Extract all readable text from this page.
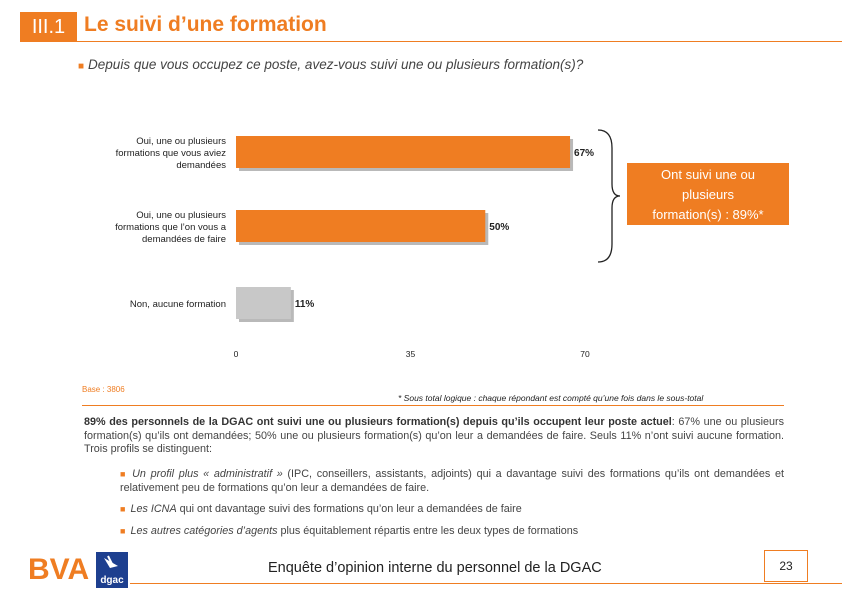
III.1 Le suivi d’une formation
■ Depuis que vous occupez ce poste, avez-vous suivi une ou plusieurs formation(s)?
67%
Oui, une ou plusieurs
formations que vous aviez
demandées
50%
Oui, une ou plusieurs
formations que l’on vous a
demandées de faire
11%
Non, aucune formation
0	35	70
Ont suivi une ou
plusieurs
formation(s) : 89%*
Base : 3806
* Sous total logique : chaque répondant est compté qu’une fois dans le sous-total
89% des personnels de la DGAC ont suivi une ou plusieurs formation(s) depuis qu’ils occupent leur poste actuel: 67% une ou plusieurs formation(s) qu’ils ont demandées; 50% une ou plusieurs formation(s) qu’on leur a demandées de faire. Seuls 11% n’ont suivi aucune formation. Trois profils se distinguent:
■ Un profil plus « administratif » (IPC, conseillers, assistants, adjoints) qui a davantage suivi des formations qu’ils ont demandées et relativement peu de formations qu’on leur a demandées de faire.
■ Les ICNA qui ont davantage suivi des formations qu’on leur a demandées de faire
■ Les autres catégories d’agents plus équitablement répartis entre les deux types de formations
BVA dgac
Enquête d’opinion interne du personnel de la DGAC	23
